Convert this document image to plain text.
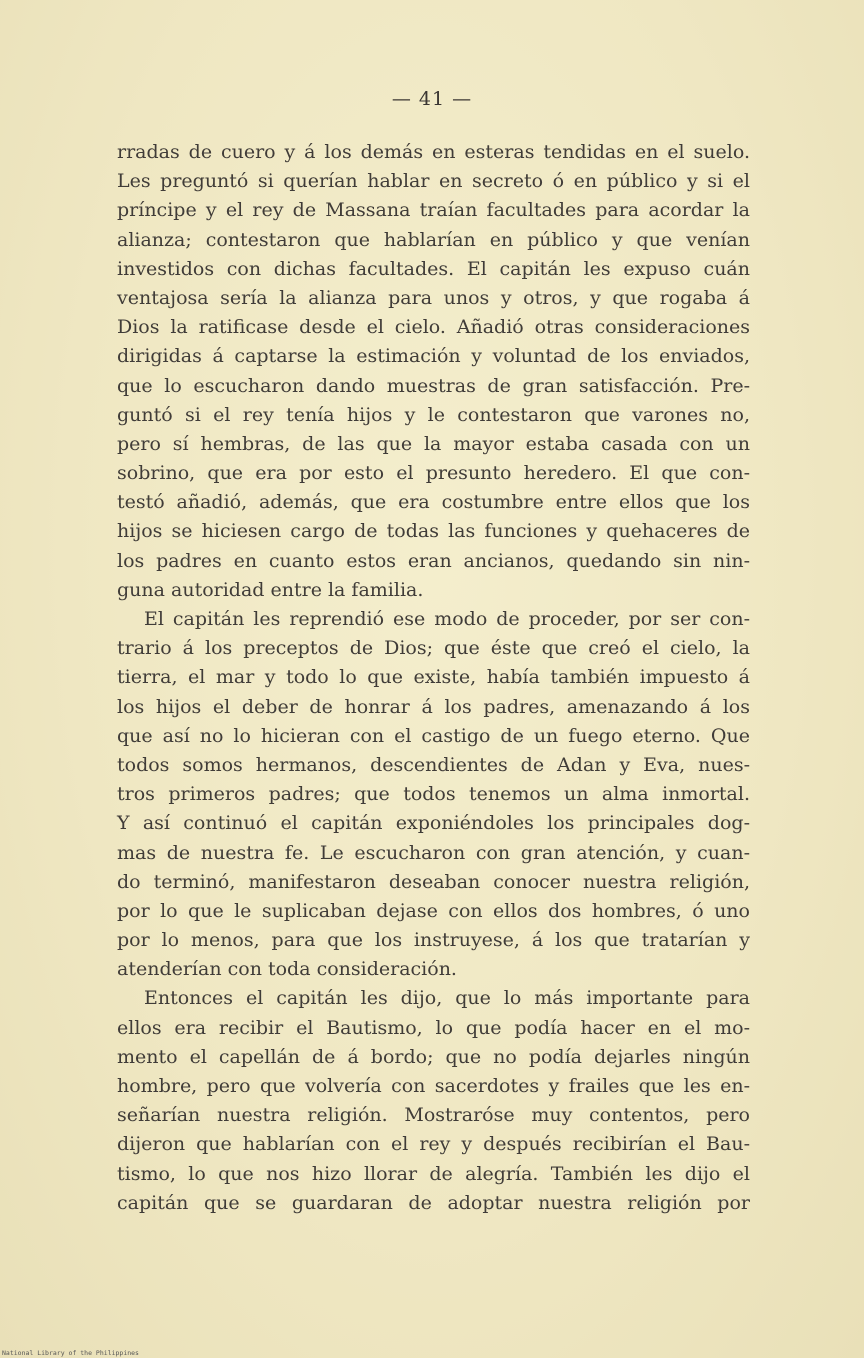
— 41 —
rradas de cuero y á los demás en esteras tendidas en el suelo.
Les preguntó si querían hablar en secreto ó en público y si el
príncipe y el rey de Massana traían facultades para acordar la
alianza; contestaron que hablarían en público y que venían
investidos con dichas facultades. El capitán les expuso cuán
ventajosa sería la alianza para unos y otros, y que rogaba á
Dios la ratificase desde el cielo. Añadió otras consideraciones
dirigidas á captarse la estimación y voluntad de los enviados,
que lo escucharon dando muestras de gran satisfacción. Pre-
guntó si el rey tenía hijos y le contestaron que varones no,
pero sí hembras, de las que la mayor estaba casada con un
sobrino, que era por esto el presunto heredero. El que con-
testó añadió, además, que era costumbre entre ellos que los
hijos se hiciesen cargo de todas las funciones y quehaceres de
los padres en cuanto estos eran ancianos, quedando sin nin-
guna autoridad entre la familia.
El capitán les reprendió ese modo de proceder, por ser con-
trario á los preceptos de Dios; que éste que creó el cielo, la
tierra, el mar y todo lo que existe, había también impuesto á
los hijos el deber de honrar á los padres, amenazando á los
que así no lo hicieran con el castigo de un fuego eterno. Que
todos somos hermanos, descendientes de Adan y Eva, nues-
tros primeros padres; que todos tenemos un alma inmortal.
Y así continuó el capitán exponiéndoles los principales dog-
mas de nuestra fe. Le escucharon con gran atención, y cuan-
do terminó, manifestaron deseaban conocer nuestra religión,
por lo que le suplicaban dejase con ellos dos hombres, ó uno
por lo menos, para que los instruyese, á los que tratarían y
atenderían con toda consideración.
Entonces el capitán les dijo, que lo más importante para
ellos era recibir el Bautismo, lo que podía hacer en el mo-
mento el capellán de á bordo; que no podía dejarles ningún
hombre, pero que volvería con sacerdotes y frailes que les en-
señarían nuestra religión. Mostraróse muy contentos, pero
dijeron que hablarían con el rey y después recibirían el Bau-
tismo, lo que nos hizo llorar de alegría. También les dijo el
capitán que se guardaran de adoptar nuestra religión por
National Library of the Philippines
